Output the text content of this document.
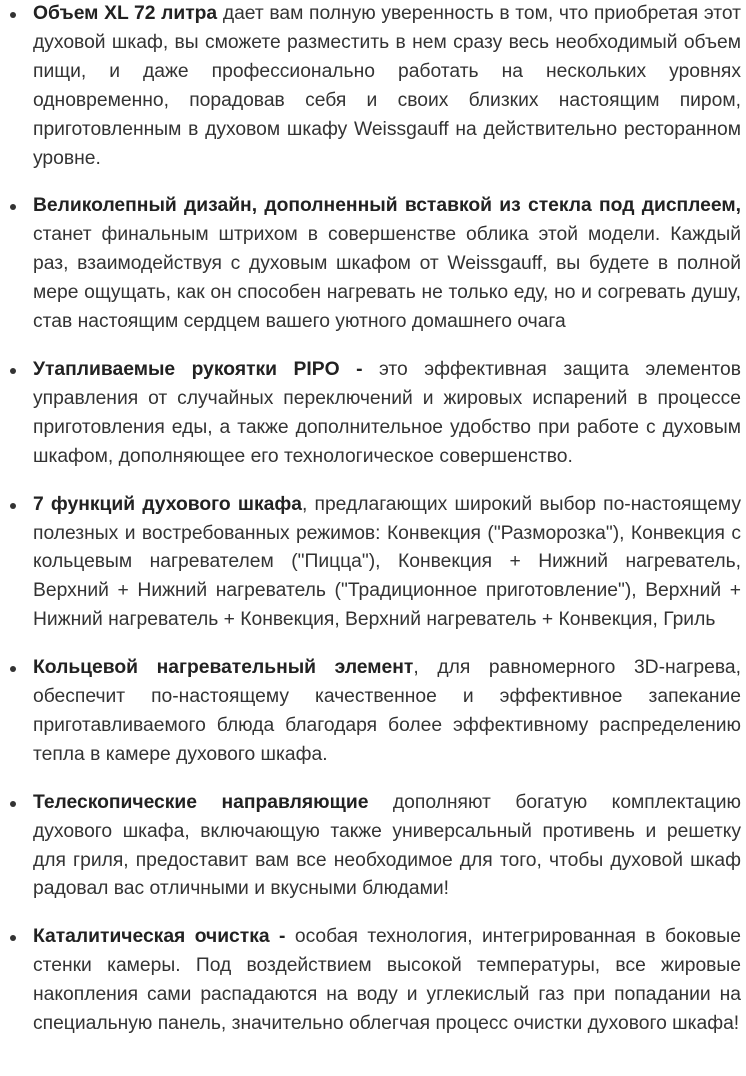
Объем XL 72 литра дает вам полную уверенность в том, что приобретая этот духовой шкаф, вы сможете разместить в нем сразу весь необходимый объем пищи, и даже профессионально работать на нескольких уровнях одновременно, порадовав себя и своих близких настоящим пиром, приготовленным в духовом шкафу Weissgauff на действительно ресторанном уровне.
Великолепный дизайн, дополненный вставкой из стекла под дисплеем, станет финальным штрихом в совершенстве облика этой модели. Каждый раз, взаимодействуя с духовым шкафом от Weissgauff, вы будете в полной мере ощущать, как он способен нагревать не только еду, но и согревать душу, став настоящим сердцем вашего уютного домашнего очага
Утапливаемые рукоятки PIPO - это эффективная защита элементов управления от случайных переключений и жировых испарений в процессе приготовления еды, а также дополнительное удобство при работе с духовым шкафом, дополняющее его технологическое совершенство.
7 функций духового шкафа, предлагающих широкий выбор по-настоящему полезных и востребованных режимов: Конвекция ("Разморозка"), Конвекция с кольцевым нагревателем ("Пицца"), Конвекция + Нижний нагреватель, Верхний + Нижний нагреватель ("Традиционное приготовление"), Верхний + Нижний нагреватель + Конвекция, Верхний нагреватель + Конвекция, Гриль
Кольцевой нагревательный элемент, для равномерного 3D-нагрева, обеспечит по-настоящему качественное и эффективное запекание приготавливаемого блюда благодаря более эффективному распределению тепла в камере духового шкафа.
Телескопические направляющие дополняют богатую комплектацию духового шкафа, включающую также универсальный противень и решетку для гриля, предоставит вам все необходимое для того, чтобы духовой шкаф радовал вас отличными и вкусными блюдами!
Каталитическая очистка - особая технология, интегрированная в боковые стенки камеры. Под воздействием высокой температуры, все жировые накопления сами распадаются на воду и углекислый газ при попадании на специальную панель, значительно облегчая процесс очистки духового шкафа!
